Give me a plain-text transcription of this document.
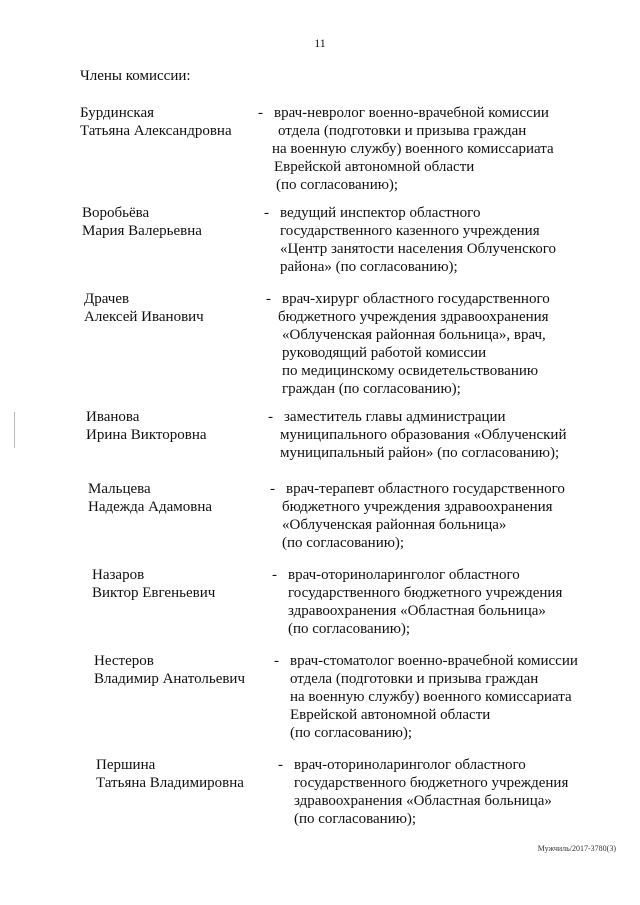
11
Члены комиссии:
Бурдинская
Татьяна Александровна
- врач-невролог военно-врачебной комиссии
отдела (подготовки и призыва граждан
на военную службу) военного комиссариата
Еврейской автономной области
(по согласованию);
Воробьёва
Мария Валерьевна
- ведущий инспектор областного
государственного казенного учреждения
«Центр занятости населения Облученского
района» (по согласованию);
Драчев
Алексей Иванович
- врач-хирург областного государственного
бюджетного учреждения здравоохранения
«Облученская районная больница», врач,
руководящий работой комиссии
по медицинскому освидетельствованию
граждан (по согласованию);
Иванова
Ирина Викторовна
- заместитель главы администрации
муниципального образования «Облученский
муниципальный район» (по согласованию);
Мальцева
Надежда Адамовна
- врач-терапевт областного государственного
бюджетного учреждения здравоохранения
«Облученская районная больница»
(по согласованию);
Назаров
Виктор Евгеньевич
- врач-оториноларинголог областного
государственного бюджетного учреждения
здравоохранения «Областная больница»
(по согласованию);
Нестеров
Владимир Анатольевич
- врач-стоматолог военно-врачебной комиссии
отдела (подготовки и призыва граждан
на военную службу) военного комиссариата
Еврейской автономной области
(по согласованию);
Першина
Татьяна Владимировна
- врач-оториноларинголог областного
государственного бюджетного учреждения
здравоохранения «Областная больница»
(по согласованию);
Мужчиль/2017-3780(3)
